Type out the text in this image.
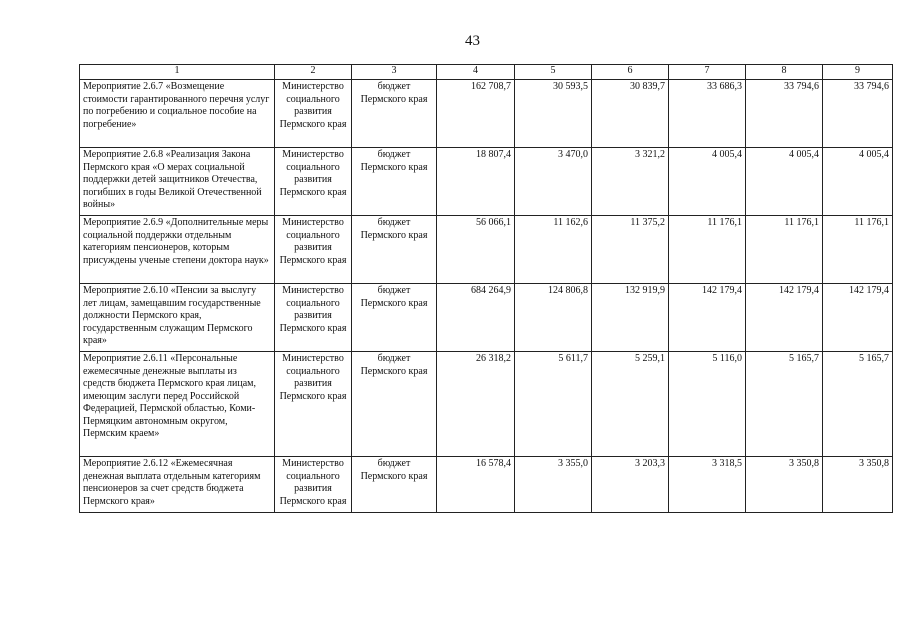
43
1	2	3	4	5	6	7	8	9
Мероприятие 2.6.7 «Возмещение стоимости гарантированного перечня услуг по погребению и социальное пособие на погребение»	Министерство социального развития Пермского края	бюджет Пермского края	162 708,7	30 593,5	30 839,7	33 686,3	33 794,6	33 794,6
Мероприятие 2.6.8 «Реализация Закона Пермского края «О мерах социальной поддержки детей защитников Отечества, погибших в годы Великой Отечественной войны»	Министерство социального развития Пермского края	бюджет Пермского края	18 807,4	3 470,0	3 321,2	4 005,4	4 005,4	4 005,4
Мероприятие 2.6.9 «Дополнительные меры социальной поддержки отдельным категориям пенсионеров, которым присуждены ученые степени доктора наук»	Министерство социального развития Пермского края	бюджет Пермского края	56 066,1	11 162,6	11 375,2	11 176,1	11 176,1	11 176,1
Мероприятие 2.6.10 «Пенсии за выслугу лет лицам, замещавшим государственные должности Пермского края, государственным служащим Пермского края»	Министерство социального развития Пермского края	бюджет Пермского края	684 264,9	124 806,8	132 919,9	142 179,4	142 179,4	142 179,4
Мероприятие 2.6.11 «Персональные ежемесячные денежные выплаты из средств бюджета Пермского края лицам, имеющим заслуги перед Российской Федерацией, Пермской областью, Коми-Пермяцким автономным округом, Пермским краем»	Министерство социального развития Пермского края	бюджет Пермского края	26 318,2	5 611,7	5 259,1	5 116,0	5 165,7	5 165,7
Мероприятие 2.6.12 «Ежемесячная денежная выплата отдельным категориям пенсионеров за счет средств бюджета Пермского края»	Министерство социального развития Пермского края	бюджет Пермского края	16 578,4	3 355,0	3 203,3	3 318,5	3 350,8	3 350,8
